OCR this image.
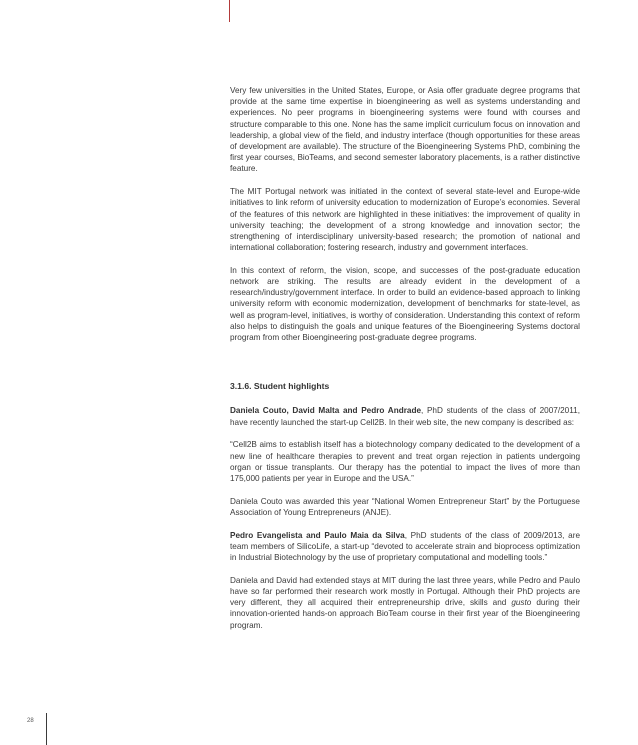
Very few universities in the United States, Europe, or Asia offer graduate degree programs that provide at the same time expertise in bioengineering as well as systems understanding and experiences. No peer programs in bioengineering systems were found with courses and structure comparable to this one. None has the same implicit curriculum focus on innovation and leadership, a global view of the field, and industry interface (though opportunities for these areas of development are available). The structure of the Bioengineering Systems PhD, combining the first year courses, BioTeams, and second semester laboratory placements, is a rather distinctive feature.

The MIT Portugal network was initiated in the context of several state-level and Europe-wide initiatives to link reform of university education to modernization of Europe’s economies. Several of the features of this network are highlighted in these initiatives: the improvement of quality in university teaching; the development of a strong knowledge and innovation sector; the strengthening of interdisciplinary university-based research; the promotion of national and international collaboration; fostering research, industry and government interfaces.

In this context of reform, the vision, scope, and successes of the post-graduate education network are striking. The results are already evident in the development of a research/industry/government interface. In order to build an evidence-based approach to linking university reform with economic modernization, development of benchmarks for state-level, as well as program-level, initiatives, is worthy of consideration. Understanding this context of reform also helps to distinguish the goals and unique features of the Bioengineering Systems doctoral program from other Bioengineering post-graduate degree programs.

3.1.6. Student highlights

Daniela Couto, David Malta and Pedro Andrade, PhD students of the class of 2007/2011, have recently launched the start-up Cell2B. In their web site, the new company is described as:

“Cell2B aims to establish itself has a biotechnology company dedicated to the development of a new line of healthcare therapies to prevent and treat organ rejection in patients undergoing organ or tissue transplants. Our therapy has the potential to impact the lives of more than 175,000 patients per year in Europe and the USA.”

Daniela Couto was awarded this year “National Women Entrepreneur Start” by the Portuguese Association of Young Entrepreneurs (ANJE).

Pedro Evangelista and Paulo Maia da Silva, PhD students of the class of 2009/2013, are team members of SilicoLife, a start-up “devoted to accelerate strain and bioprocess optimization in Industrial Biotechnology by the use of proprietary computational and modelling tools.”

Daniela and David had extended stays at MIT during the last three years, while Pedro and Paulo have so far performed their research work mostly in Portugal. Although their PhD projects are very different, they all acquired their entrepreneurship drive, skills and gusto during their innovation-oriented hands-on approach BioTeam course in their first year of the Bioengineering program.

28
